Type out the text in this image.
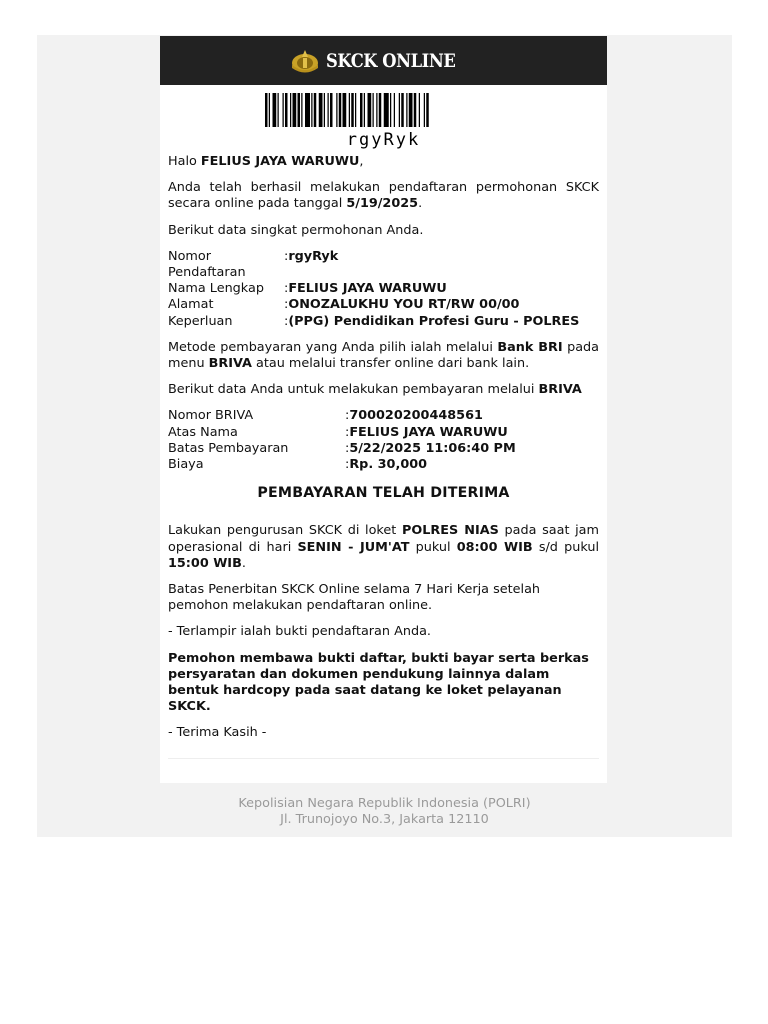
SKCK ONLINE
rgyRyk

Halo FELIUS JAYA WARUWU,

Anda telah berhasil melakukan pendaftaran permohonan SKCK secara online pada tanggal 5/19/2025.

Berikut data singkat permohonan Anda.

Nomor Pendaftaran	:rgyRyk
Nama Lengkap	:FELIUS JAYA WARUWU
Alamat	:ONOZALUKHU YOU RT/RW 00/00
Keperluan	:(PPG) Pendidikan Profesi Guru - POLRES

Metode pembayaran yang Anda pilih ialah melalui Bank BRI pada menu BRIVA atau melalui transfer online dari bank lain.

Berikut data Anda untuk melakukan pembayaran melalui BRIVA

Nomor BRIVA	:700020200448561
Atas Nama	:FELIUS JAYA WARUWU
Batas Pembayaran	:5/22/2025 11:06:40 PM
Biaya	:Rp. 30,000
PEMBAYARAN TELAH DITERIMA

Lakukan pengurusan SKCK di loket POLRES NIAS pada saat jam operasional di hari SENIN - JUM'AT pukul 08:00 WIB s/d pukul 15:00 WIB.

Batas Penerbitan SKCK Online selama 7 Hari Kerja setelah pemohon melakukan pendaftaran online.

- Terlampir ialah bukti pendaftaran Anda.

Pemohon membawa bukti daftar, bukti bayar serta berkas persyaratan dan dokumen pendukung lainnya dalam bentuk hardcopy pada saat datang ke loket pelayanan SKCK.

- Terima Kasih -

Kepolisian Negara Republik Indonesia (POLRI)
Jl. Trunojoyo No.3, Jakarta 12110
